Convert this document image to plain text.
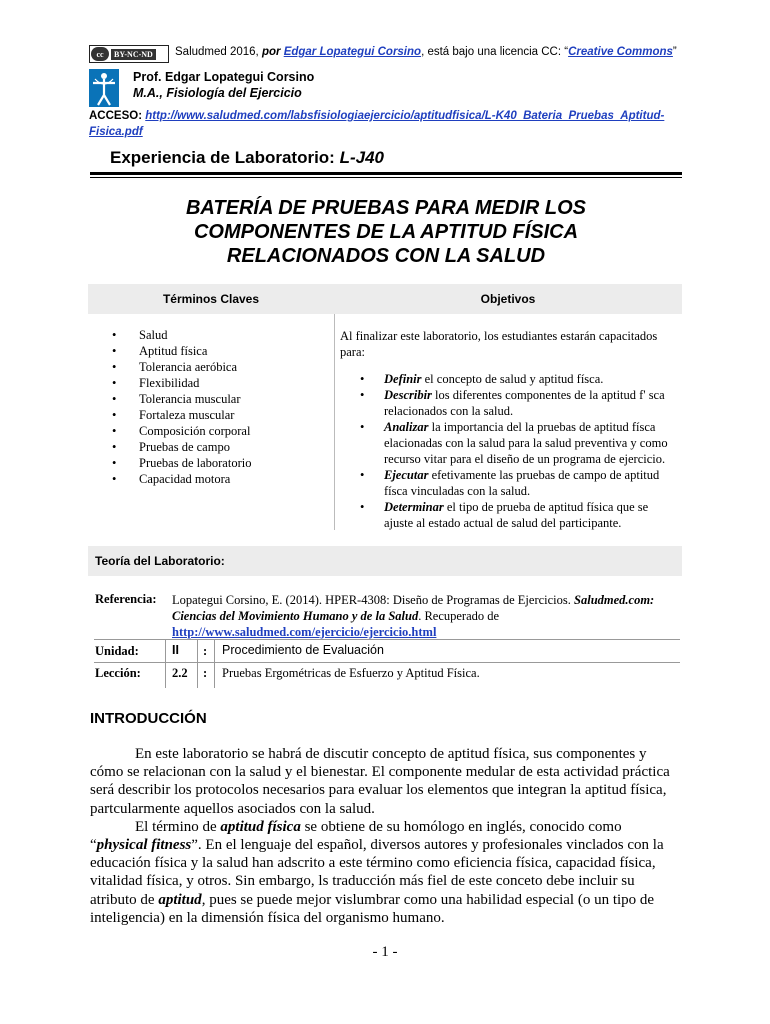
cc	BY-NC-ND Saludmed 2016, por Edgar Lopategui Corsino, está bajo una licencia CC: “Creative Commons”
Prof. Edgar Lopategui Corsino
M.A., Fisiología del Ejercicio
ACCESO: http://www.saludmed.com/labsfisiologiaejercicio/aptitudfisica/L-K40_Bateria_Pruebas_Aptitud-
Fisica.pdf
Experiencia de Laboratorio: L-J40
BATERÍA DE PRUEBAS PARA MEDIR LOS
COMPONENTES DE LA APTITUD FÍSICA
RELACIONADOS CON LA SALUD
Términos Claves	Objetivos
• Salud
• Aptitud física
• Tolerancia aeróbica
• Flexibilidad
• Tolerancia muscular
• Fortaleza muscular
• Composición corporal
• Pruebas de campo
• Pruebas de laboratorio
• Capacidad motora
Al finalizar este laboratorio, los estudiantes estarán capacitados para:
• Definir el concepto de salud y aptitud físca.
• Describir los diferentes componentes de la aptitud f' sca relacionados con la salud.
• Analizar la importancia del la pruebas de aptitud físca elacionadas con la salud para la salud preventiva y como recurso vitar para el diseño de un programa de ejercicio.
• Ejecutar efetivamente las pruebas de campo de aptitud físca vinculadas con la salud.
• Determinar el tipo de prueba de aptitud física que se ajuste al estado actual de salud del participante.
Teoría del Laboratorio:
Referencia: Lopategui Corsino, E. (2014). HPER-4308: Diseño de Programas de Ejercicios. Saludmed.com: Ciencias del Movimiento Humano y de la Salud. Recuperado de http://www.saludmed.com/ejercicio/ejercicio.html
Unidad:	II : Procedimiento de Evaluación
Lección: 2.2 : Pruebas Ergométricas de Esfuerzo y Aptitud Física.
INTRODUCCIÓN

En este laboratorio se habrá de discutir concepto de aptitud física, sus componentes y cómo se relacionan con la salud y el bienestar. El componente medular de esta actividad práctica será describir los protocolos necesarios para evaluar los elementos que integran la aptitud física, partcularmente aquellos asociados con la salud.

El término de aptitud física se obtiene de su homólogo en inglés, conocido como “physical fitness”. En el lenguaje del español, diversos autores y profesionales vinclados con la educación física y la salud han adscrito a este término como eficiencia física, capacidad física, vitalidad física, y otros. Sin embargo, ls traducción más fiel de este conceto debe incluir su atributo de aptitud, pues se puede mejor vislumbrar como una habilidad especial (o un tipo de inteligencia) en la dimensión física del organismo humano.

- 1 -
